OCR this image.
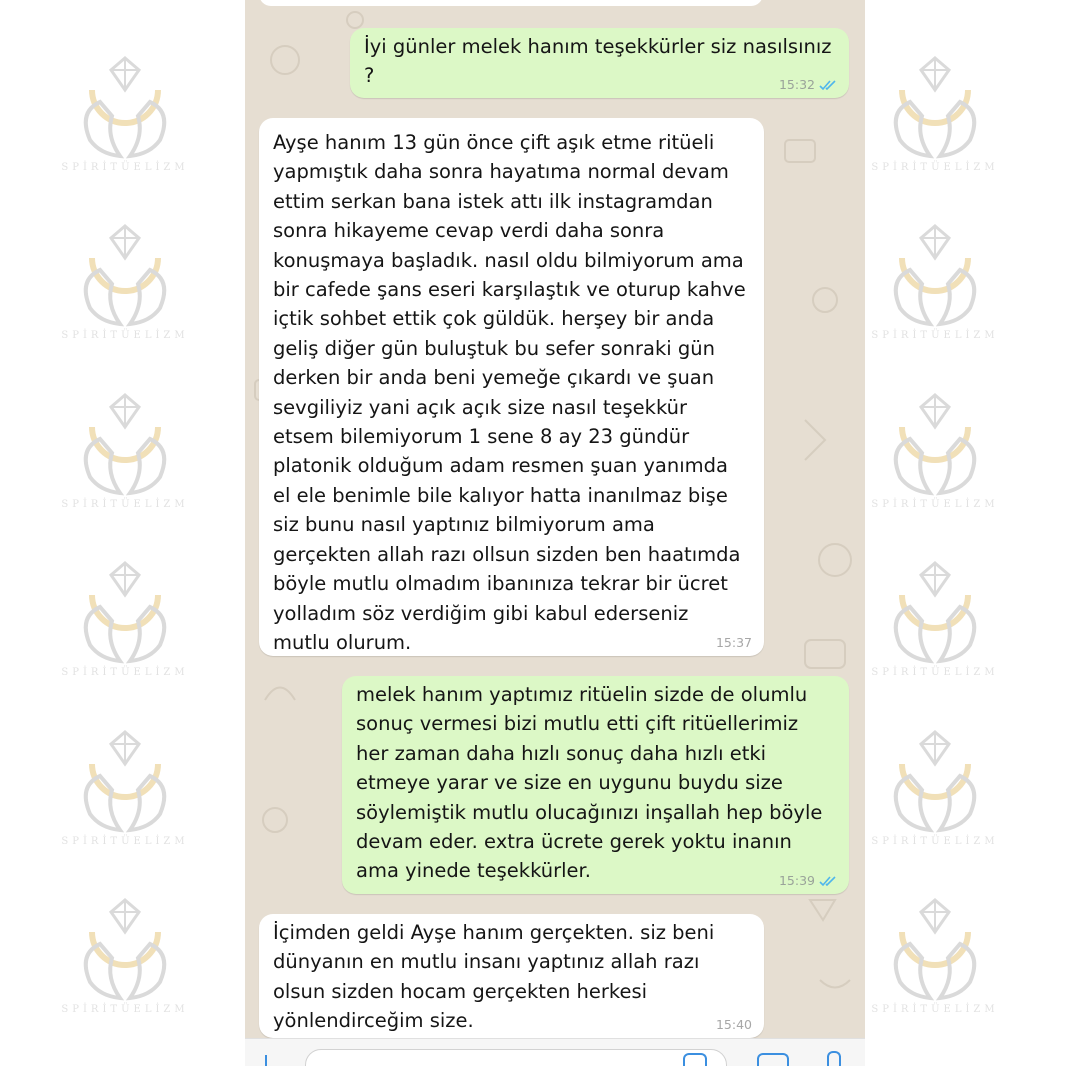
SPİRİTÜELİZM
SPİRİTÜELİZM
SPİRİTÜELİZM
SPİRİTÜELİZM
SPİRİTÜELİZM
SPİRİTÜELİZM
SPİRİTÜELİZM
SPİRİTÜELİZM
SPİRİTÜELİZM
SPİRİTÜELİZM
SPİRİTÜELİZM
SPİRİTÜELİZM
İyi günler melek hanım teşekkürler siz nasılsınız ?	15:32
Ayşe hanım 13 gün önce çift aşık etme ritüeli yapmıştık daha sonra hayatıma normal devam ettim serkan bana istek attı ilk instagramdan sonra hikayeme cevap verdi daha sonra konuşmaya başladık. nasıl oldu bilmiyorum ama bir cafede şans eseri karşılaştık ve oturup kahve içtik sohbet ettik çok güldük. herşey bir anda geliş diğer gün buluştuk bu sefer sonraki gün derken bir anda beni yemeğe çıkardı ve şuan sevgiliyiz yani açık açık size nasıl teşekkür etsem bilemiyorum 1 sene 8 ay 23 gündür platonik olduğum adam resmen şuan yanımda el ele benimle bile kalıyor hatta inanılmaz bişe siz bunu nasıl yaptınız bilmiyorum ama gerçekten allah razı ollsun sizden ben haatımda böyle mutlu olmadım ibanınıza tekrar bir ücret yolladım söz verdiğim gibi kabul ederseniz mutlu olurum.	15:37
melek hanım yaptımız ritüelin sizde de olumlu sonuç vermesi bizi mutlu etti çift ritüellerimiz her zaman daha hızlı sonuç daha hızlı etki etmeye yarar ve size en uygunu buydu size söylemiştik mutlu olucağınızı inşallah hep böyle devam eder. extra ücrete gerek yoktu inanın ama yinede teşekkürler.	15:39
İçimden geldi Ayşe hanım gerçekten. siz beni dünyanın en mutlu insanı yaptınız allah razı olsun sizden hocam gerçekten herkesi yönlendirceğim size.	15:40
